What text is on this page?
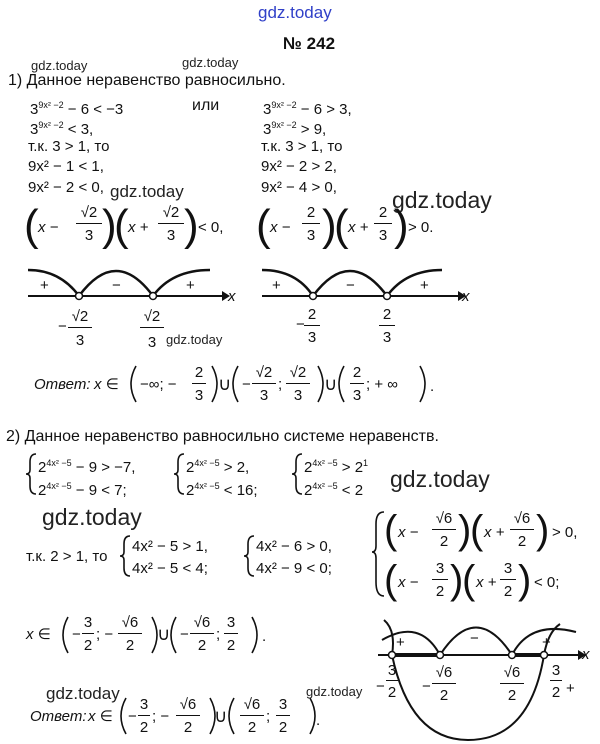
gdz.today
gdz.today	gdz.today
gdz.today	gdz.today
gdz.today
gdz.today
gdz.today
gdz.today	gdz.today
№ 242
1) Данное неравенство равносильно.
$3^{9x^2 -2} - 6 < -3$	или
$3^{9x^2 -2} < 3$,
т.к. 3 > 1, то
9x² − 1 < 1,
9x² − 2 < 0,
( x −
√2
3 )
( x +
√2
3 ) < 0,
$3^{9x^2 -2} - 6 > 3$,
$3^{9x^2 -2} > 9$,
т.к. 3 > 1, то
9x² − 2 > 2,
9x² − 4 > 0,
( x −
2
3 )
( x +
2
3 ) > 0.
+	−	+
x
−
√2
3
√2
3
+	−	+
x
−
2
3
2
3
Ответ: x ∈ −∞; −
2
3
∪ −
√2
3
;
√2
3
∪
2
3
; + ∞ .
2) Данное неравенство равносильно системе неравенств.
$2^{4x^2 -5} - 9 > -7$,
$2^{4x^2 -5} - 9 < 7$;
$2^{4x^2 -5} > 2$,
$2^{4x^2 -5} < 16$;
$2^{4x^2 -5} > 2^1$
$2^{4x^2 -5} < 2$
т.к. 2 > 1, то
4x² − 5 > 1,
4x² − 5 < 4;
4x² − 6 > 0,
4x² − 9 < 0;
( x −
√6
2 )
( x +
√6
2 ) > 0,
( x −
3
2 )
( x +
3
2 ) < 0;
x ∈ −
3
2
; −
√6
2
∪ −
√6
2
;
3
2
.	+	−	+
x
−
3
2 −
√6
2
√6
2
3
2 +
Ответ: x ∈ −
3
2
; −
√6
2
∪
√6
2
;
3
2 .
